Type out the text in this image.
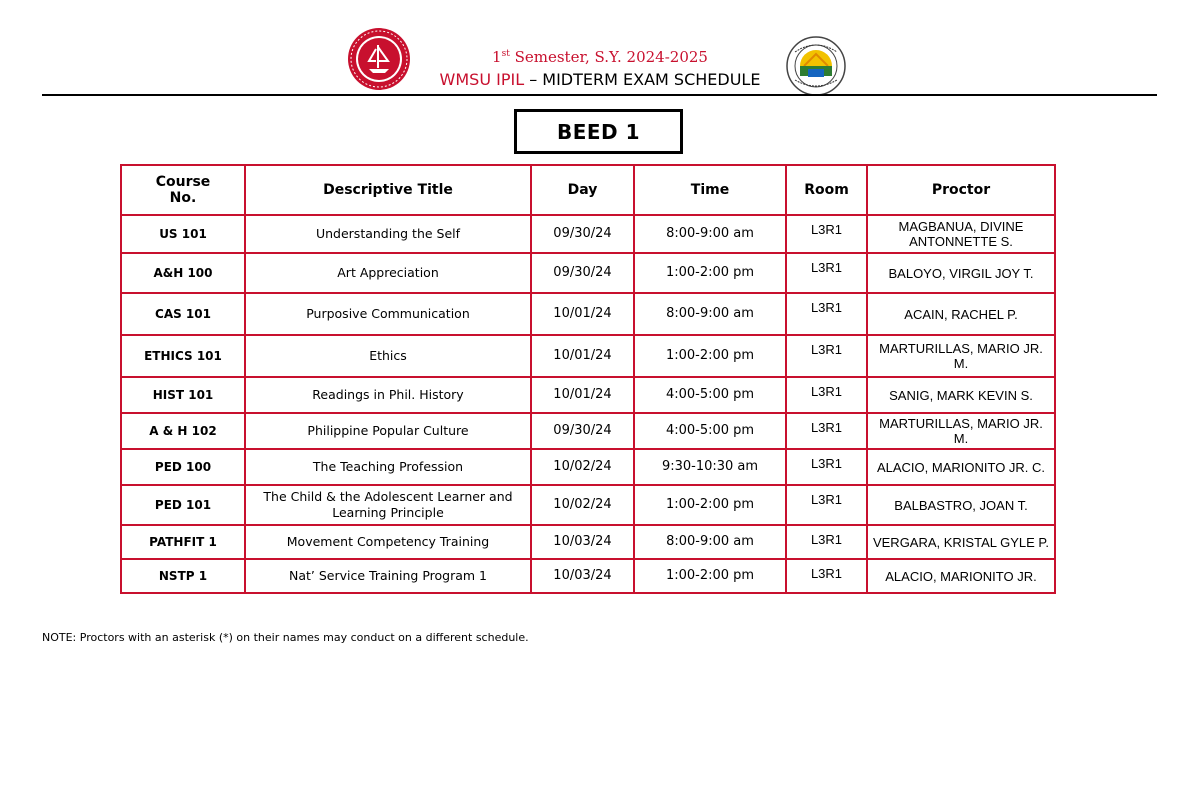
1st Semester, S.Y. 2024-2025
WMSU IPIL – MIDTERM EXAM SCHEDULE
BEED 1
Course No.	Descriptive Title	Day	Time	Room	Proctor
US 101	Understanding the Self	09/30/24	8:00-9:00 am	L3R1	MAGBANUA, DIVINE ANTONNETTE S.
A&H 100	Art Appreciation	09/30/24	1:00-2:00 pm	L3R1	BALOYO, VIRGIL JOY T.
CAS 101	Purposive Communication	10/01/24	8:00-9:00 am	L3R1	ACAIN, RACHEL P.
ETHICS 101	Ethics	10/01/24	1:00-2:00 pm	L3R1	MARTURILLAS, MARIO JR. M.
HIST 101	Readings in Phil. History	10/01/24	4:00-5:00 pm	L3R1	SANIG, MARK KEVIN S.
A & H 102	Philippine Popular Culture	09/30/24	4:00-5:00 pm	L3R1	MARTURILLAS, MARIO JR. M.
PED 100	The Teaching Profession	10/02/24	9:30-10:30 am	L3R1	ALACIO, MARIONITO JR. C.
PED 101	The Child & the Adolescent Learner and Learning Principle	10/02/24	1:00-2:00 pm	L3R1	BALBASTRO, JOAN T.
PATHFIT 1	Movement Competency Training	10/03/24	8:00-9:00 am	L3R1	VERGARA, KRISTAL GYLE P.
NSTP 1	Nat’ Service Training Program 1	10/03/24	1:00-2:00 pm	L3R1	ALACIO, MARIONITO JR.
NOTE: Proctors with an asterisk (*) on their names may conduct on a different schedule.
